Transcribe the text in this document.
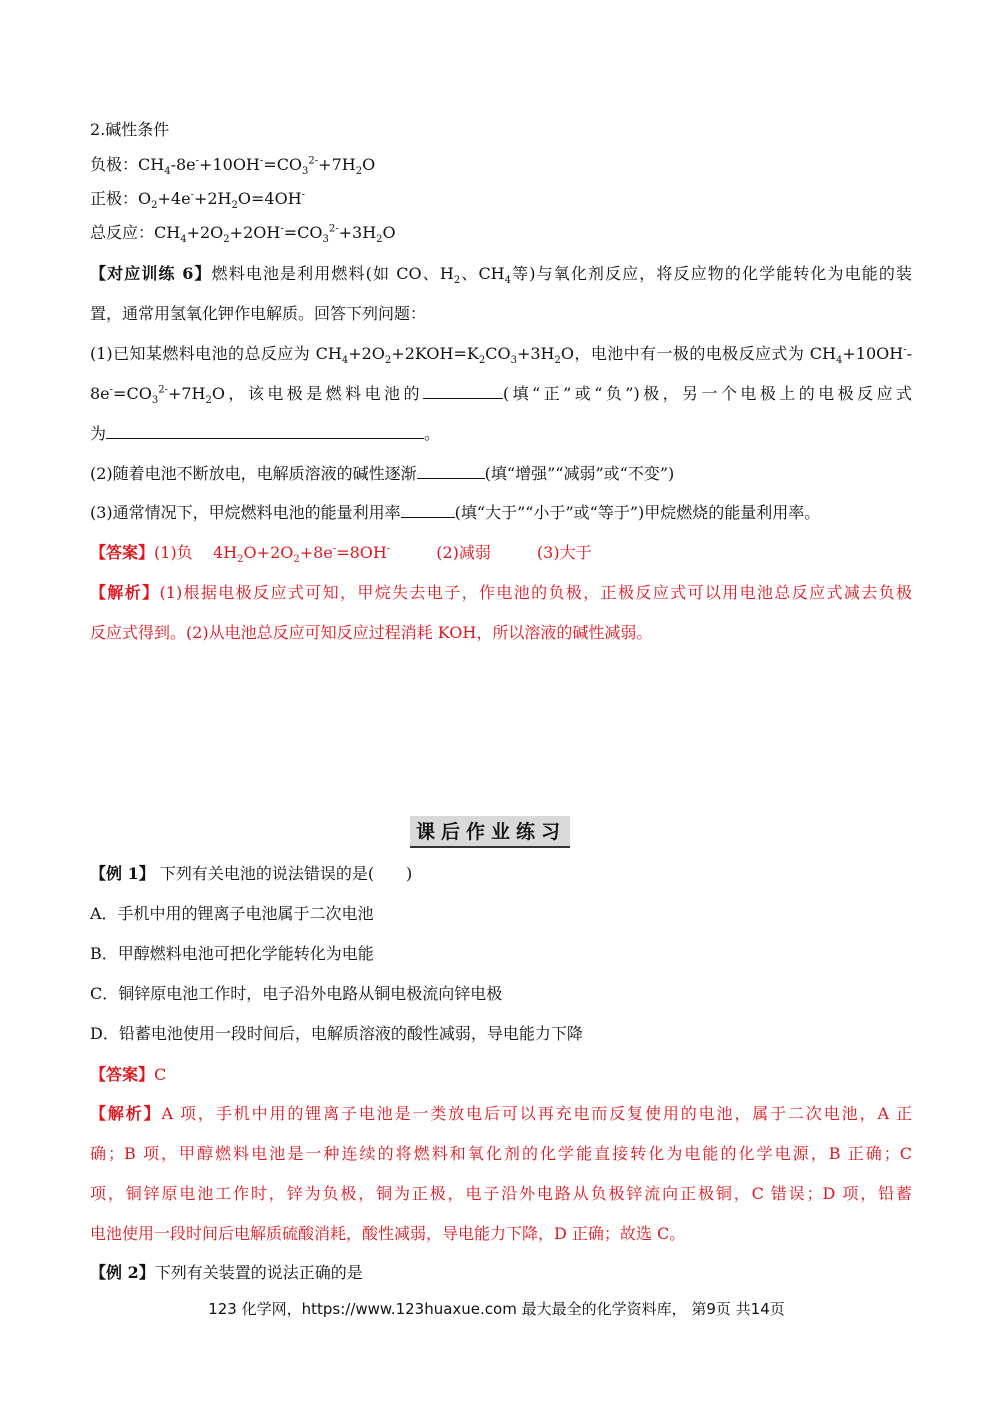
2.碱性条件
负极：$CH_4-8e^-+10OH^-=CO_3^{2-}+7H_2O$
正极：$O_2+4e^-+2H_2O=4OH^-$
总反应：$CH_4+2O_2+2OH^-=CO_3^{2-}+3H_2O$
【对应训练 6】燃料电池是利用燃料(如 CO、$H_2$、$CH_4$等)与氧化剂反应，将反应物的化学能转化为电能的装
置，通常用氢氧化钾作电解质。回答下列问题：
(1)已知某燃料电池的总反应为 $CH_4+2O_2+2KOH=K_2CO_3+3H_2O$，电池中有一极的电极反应式为 $CH_4+10OH^--$
$8e^-=CO_3^{2-}+7H_2O$，该电极是燃料电池的	(填“正”或“负”)极，另一个电极上的电极反应式
为	。
(2)随着电池不断放电，电解质溶液的碱性逐渐	(填“增强”“减弱”或“不变”)
(3)通常情况下，甲烷燃料电池的能量利用率	(填“大于”“小于”或“等于”)甲烷燃烧的能量利用率。
【答案】(1)负    $4H_2O+2O_2+8e^-=8OH^-$	(2)减弱	(3)大于
【解析】(1)根据电极反应式可知，甲烷失去电子，作电池的负极，正极反应式可以用电池总反应式减去负极
反应式得到。(2)从电池总反应可知反应过程消耗 KOH，所以溶液的碱性减弱。
课后作业练习
【例 1】 下列有关电池的说法错误的是(　　)
A．手机中用的锂离子电池属于二次电池
B．甲醇燃料电池可把化学能转化为电能
C．铜锌原电池工作时，电子沿外电路从铜电极流向锌电极
D．铅蓄电池使用一段时间后，电解质溶液的酸性减弱，导电能力下降
【答案】C
【解析】A 项，手机中用的锂离子电池是一类放电后可以再充电而反复使用的电池，属于二次电池，A 正
确；B 项，甲醇燃料电池是一种连续的将燃料和氧化剂的化学能直接转化为电能的化学电源，B 正确；C
项，铜锌原电池工作时，锌为负极，铜为正极，电子沿外电路从负极锌流向正极铜，C 错误；D 项，铅蓄
电池使用一段时间后电解质硫酸消耗，酸性减弱，导电能力下降，D 正确；故选 C。
【例 2】下列有关装置的说法正确的是
123 化学网，https://www.123huaxue.com 最大最全的化学资料库， 第9页 共14页
